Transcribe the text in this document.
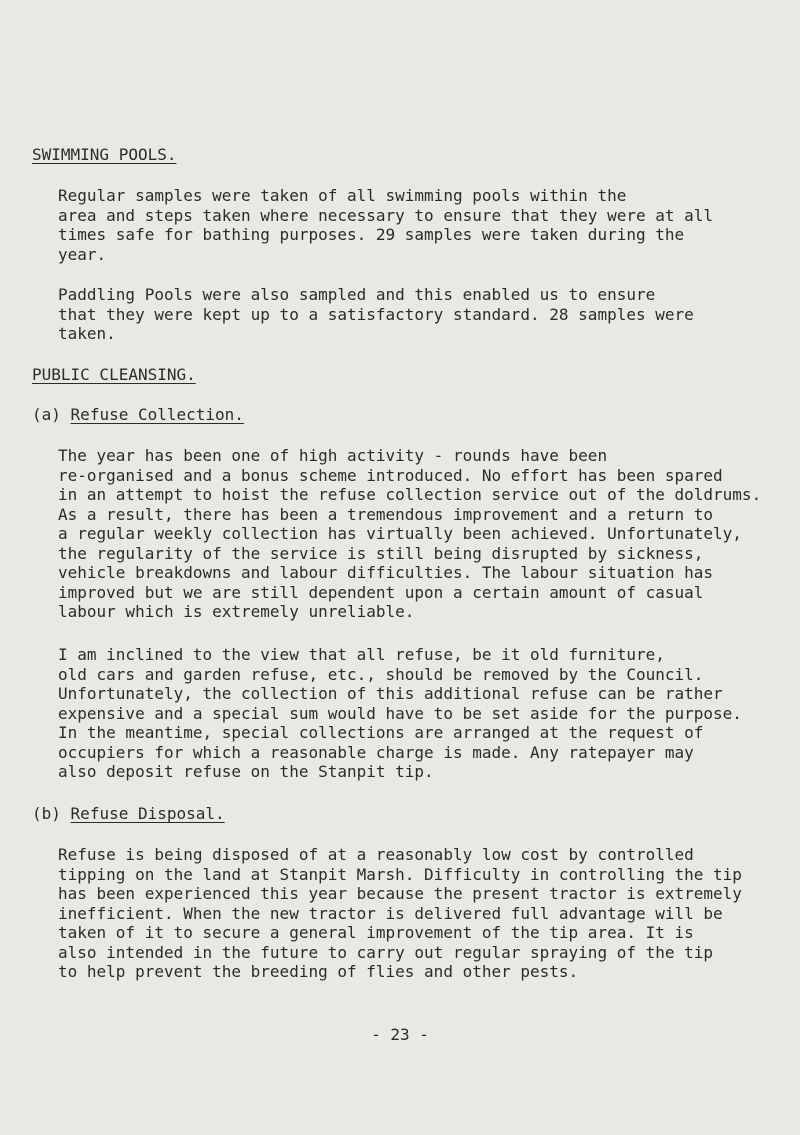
SWIMMING POOLS.
Regular samples were taken of all swimming pools within the
area and steps taken where necessary to ensure that they were at all
times safe for bathing purposes. 29 samples were taken during the
year.
Paddling Pools were also sampled and this enabled us to ensure
that they were kept up to a satisfactory standard. 28 samples were
taken.
PUBLIC CLEANSING.
(a) Refuse Collection.
The year has been one of high activity - rounds have been
re-organised and a bonus scheme introduced. No effort has been spared
in an attempt to hoist the refuse collection service out of the doldrums.
As a result, there has been a tremendous improvement and a return to
a regular weekly collection has virtually been achieved. Unfortunately,
the regularity of the service is still being disrupted by sickness,
vehicle breakdowns and labour difficulties. The labour situation has
improved but we are still dependent upon a certain amount of casual
labour which is extremely unreliable.
I am inclined to the view that all refuse, be it old furniture,
old cars and garden refuse, etc., should be removed by the Council.
Unfortunately, the collection of this additional refuse can be rather
expensive and a special sum would have to be set aside for the purpose.
In the meantime, special collections are arranged at the request of
occupiers for which a reasonable charge is made. Any ratepayer may
also deposit refuse on the Stanpit tip.
(b) Refuse Disposal.
Refuse is being disposed of at a reasonably low cost by controlled
tipping on the land at Stanpit Marsh. Difficulty in controlling the tip
has been experienced this year because the present tractor is extremely
inefficient. When the new tractor is delivered full advantage will be
taken of it to secure a general improvement of the tip area. It is
also intended in the future to carry out regular spraying of the tip
to help prevent the breeding of flies and other pests.
- 23 -
